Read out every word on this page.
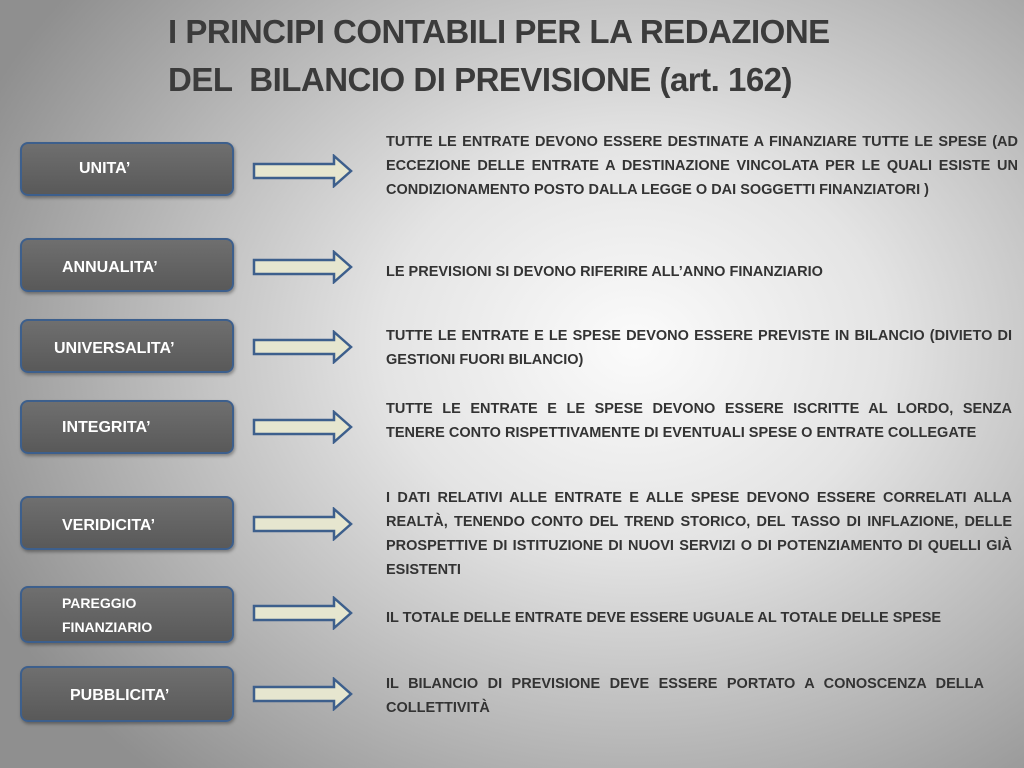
I PRINCIPI CONTABILI PER LA REDAZIONE
DEL  BILANCIO DI PREVISIONE (art. 162)
UNITA’
TUTTE LE ENTRATE DEVONO ESSERE DESTINATE A FINANZIARE TUTTE LE SPESE (AD ECCEZIONE DELLE ENTRATE A DESTINAZIONE VINCOLATA PER LE QUALI ESISTE UN CONDIZIONAMENTO POSTO DALLA LEGGE O DAI SOGGETTI FINANZIATORI )
ANNUALITA’	LE PREVISIONI SI DEVONO RIFERIRE ALL’ANNO FINANZIARIO
UNIVERSALITA’
TUTTE LE ENTRATE E LE SPESE DEVONO ESSERE PREVISTE IN BILANCIO (DIVIETO DI GESTIONI FUORI BILANCIO)
INTEGRITA’
TUTTE LE ENTRATE E LE SPESE DEVONO ESSERE ISCRITTE AL LORDO, SENZA TENERE CONTO RISPETTIVAMENTE DI EVENTUALI SPESE O ENTRATE COLLEGATE
VERIDICITA’
I DATI RELATIVI ALLE ENTRATE E ALLE SPESE DEVONO ESSERE CORRELATI ALLA REALTÀ, TENENDO CONTO DEL TREND STORICO, DEL TASSO DI INFLAZIONE, DELLE PROSPETTIVE DI ISTITUZIONE DI NUOVI SERVIZI O DI POTENZIAMENTO DI QUELLI GIÀ ESISTENTI
PAREGGIO
FINANZIARIO
IL TOTALE DELLE ENTRATE DEVE ESSERE UGUALE AL TOTALE DELLE SPESE
PUBBLICITA’
IL BILANCIO DI PREVISIONE DEVE ESSERE PORTATO A CONOSCENZA DELLA COLLETTIVITÀ
